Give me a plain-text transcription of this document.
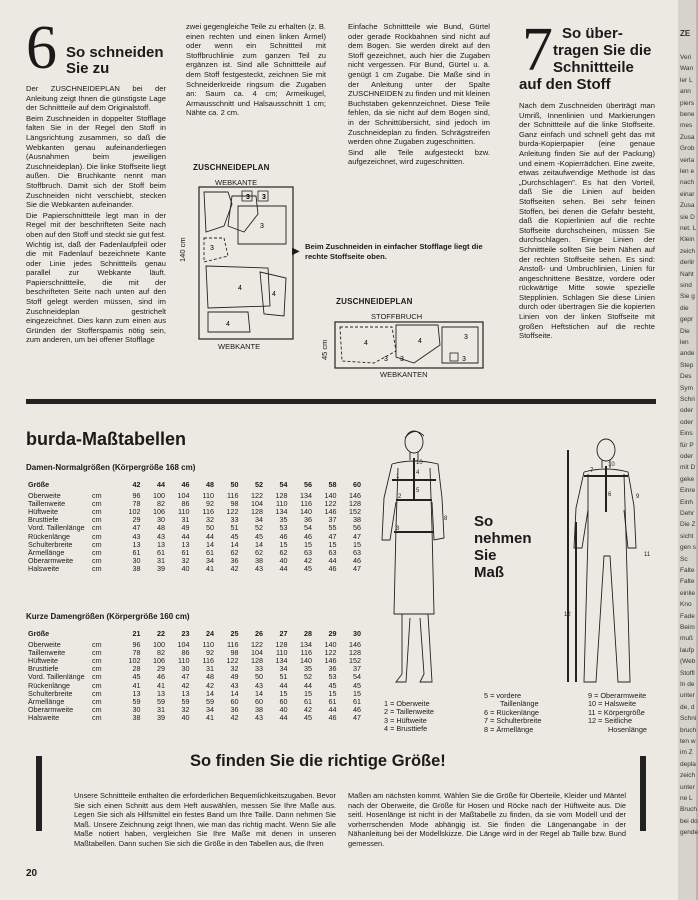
6 So schneiden
Sie zu

Der ZUSCHNEIDEPLAN bei der Anleitung zeigt Ihnen die günstigste Lage der Schnittteile auf dem Originalstoff.

Beim Zuschneiden in doppelter Stofflage falten Sie in der Regel den Stoff in Längsrichtung zusammen, so daß die Webkanten genau aufeinanderliegen (Ausnahmen beim jeweiligen Zuschneideplan). Die linke Stoffseite liegt außen. Die Bruchkante nennt man Stoffbruch. Damit sich der Stoff beim Zuschneiden nicht verschiebt, stecken Sie die Webkanten aufeinander.

Die Papierschnittteile legt man in der Regel mit der beschrifteten Seite nach oben auf den Stoff und steckt sie gut fest. Wichtig ist, daß der Fadenlaufpfeil oder die mit Fadenlauf bezeichnete Kante oder Linie jedes Schnittteils genau parallel zur Webkante läuft. Papierschnittteile, die mit der beschrifteten Seite nach unten auf den Stoff gelegt werden müssen, sind im Zuschneideplan gestrichelt eingezeichnet. Dies kann zum einen aus Gründen der Stofferspamis nötig sein, zum anderen, um bei offener Stofflage

zwei gegengleiche Teile zu erhalten (z. B. einen rechten und einen linken Ärmel) oder wenn ein Schnittteil mit Stoffbruchlinie zum ganzen Teil zu ergänzen ist. Sind alle Schnittteile auf dem Stoff festgesteckt, zeichnen Sie mit Schneiderkreide ringsum die Zugaben an: Saum ca. 4 cm; Armeikugel, Armausschnitt und Halsausschnitt 1 cm; Nähte ca. 2 cm.

Einfache Schnittteile wie Bund, Gürtel oder gerade Rockbahnen sind nicht auf dem Bogen. Sie werden direkt auf den Stoff gezeichnet, auch hier die Zugaben nicht vergessen. Für Bund, Gürtel u. ä. genügt 1 cm Zugabe. Die Maße sind in der Anleitung unter der Spalte ZUSCHNEIDEN zu finden und mit kleinen Buchstaben gekennzeichnet. Diese Teile fehlen, da sie nicht auf dem Bogen sind, in der Schnittübersicht, sind jedoch im Zuschneideplan zu finden. Schrägstreifen werden ohne Zugaben zugeschnitten.

Sind alle Teile aufgesteckt bzw. aufgezeichnet, wird zugeschnitten.

ZUSCHNEIDEPLAN
WEBKANTE
WEBKANTE
140 cm
3 3
3
3
4
4
4
▶ Beim Zuschneiden in einfacher Stofflage liegt die rechte Stoffseite oben.
ZUSCHNEIDEPLAN
STOFFBRUCH
WEBKANTEN
45 cm	4
3 3
4
3
3
7 So über-
tragen Sie die
Schnittteile
auf den Stoff

Nach dem Zuschneiden überträgt man Umriß, Innenlinien und Markierungen der Schnittteile auf die linke Stoffseite. Ganz einfach und schnell geht das mit burda-Kopierpapier (eine genaue Anleitung finden Sie auf der Packung) und einem -Kopierrädchen. Eine zweite, etwas zeitaufwendige Methode ist das „Durchschlagen". Es hat den Vorteil, daß Sie die Linien auf beiden Stoffseiten sehen. Bei sehr feinen Stoffen, bei denen die Gefahr besteht, daß die Kopierlinien auf die rechte Stoffseite durchscheinen, müssen Sie durchschlagen. Einige Linien der Schnittteile sollten Sie beim Nähen auf der rechten Stoffseite sehen. Es sind: Anstoß- und Umbruchlinien, Linien für angeschnittene Besätze, vordere oder rückwärtige Mitte sowie spezielle Stepplinien. Schlagen Sie diese Linien durch oder übertragen Sie die kopierten Linien von der linken Stoffseite mit großen Heftstichen auf die rechte Stoffseite.

burda-Maßtabellen
Damen-Normalgrößen (Körpergröße 168 cm)
Größe		42	44	46	48	50	52	54	56	58	60
Oberweite	cm	96	100	104	110	116	122	128	134	140	146
Taillenweite	cm	78	82	86	92	98	104	110	116	122	128
Hüftweite	cm	102	106	110	116	122	128	134	140	146	152
Brusttiefe	cm	29	30	31	32	33	34	35	36	37	38
Vord. Taillenlänge	cm	47	48	49	50	51	52	53	54	55	56
Rückenlänge	cm	43	43	44	44	45	45	46	46	47	47
Schulterbreite	cm	13	13	13	14	14	14	15	15	15	15
Ärmellänge	cm	61	61	61	61	62	62	62	63	63	63
Oberarmweite	cm	30	31	32	34	36	38	40	42	44	46
Halsweite	cm	38	39	40	41	42	43	44	45	46	47
Kurze Damengrößen (Körpergröße 160 cm)
Größe		21	22	23	24	25	26	27	28	29	30
Oberweite	cm	96	100	104	110	116	122	128	134	140	146
Taillenweite	cm	78	82	86	92	98	104	110	116	122	128
Hüftweite	cm	102	106	110	116	122	128	134	140	146	152
Brusttiefe	cm	28	29	30	31	32	33	34	35	36	37
Vord. Taillenlänge	cm	45	46	47	48	49	50	51	52	53	54
Rückenlänge	cm	41	41	42	42	43	43	44	44	45	45
Schulterbreite	cm	13	13	13	14	14	14	15	15	15	15
Ärmellänge	cm	59	59	59	59	60	60	60	61	61	61
Oberarmweite	cm	30	31	32	34	36	38	40	42	44	46
Halsweite	cm	38	39	40	41	42	43	44	45	46	47
10
1
2
3
4
5
8 So
nehmen
Sie
Maß
10
6	9
11
12
7
1 = Oberweite
2 = Taillenweite
3 = Hüftweite
4 = Brusttiefe
5 = vordere
Taillenlänge
6 = Rückenlänge
7 = Schulterbreite
8 = Ärmellänge
9 = Oberarmweite
10 = Halsweite
11 = Körpergröße
12 = Seitliche
Hosenlänge
So finden Sie die richtige Größe!

Unsere Schnittteile enthalten die erforderlichen Bequemlichkeitszugaben. Bevor Sie sich einen Schnitt aus dem Heft auswählen, messen Sie Ihre Maße aus. Legen Sie sich als Hilfsmittel ein festes Band um Ihre Taille. Dann nehmen Sie Maß. Unsere Zeichnung zeigt Ihnen, wie man das richtig macht. Wenn Sie alle Maße notiert haben, vergleichen Sie Ihre Maße mit denen in unseren Maßtabellen. Dann suchen Sie sich die Größe in den Tabellen aus, die Ihren

Maßen am nächsten kommt. Wählen Sie die Größe für Oberteile, Kleider und Mäntel nach der Oberweite, die Größe für Hosen und Röcke nach der Hüftweite aus. Die seitl. Hosenlänge ist nicht in der Maßtabelle zu finden, da sie vom Modell und der vorherrschenden Mode abhängig ist. Sie finden die Längenangabe in der Nähanleitung bei der Modellskizze. Die Länge wird in der Regel ab Taille bzw. Bund gemessen.

20
ZE
Veri
Wan
ler L
ann
piers
bene
mes
Zusa
Grob
verla
len e
nach
einar
Zusa
sie D
net. L
Klein
zeich
derlir
Naht
sind
Sie g
die
gepr
Die
len
ande
Step
Des
Sym
Schri
oder
oder
Eins
für P
oder
mit D
geke
Einre
Einh
Dehr
Die Z
sicht
gen s
Sc
Falte
Falte
einlie
Kno
Fade
Beim
muß
laufp
(Web
Stoffl
In de
unter
de, d
Schni
bruch
ten w
im Z
depla
zeich
unter
ne L
Bruch
bei do
gende
